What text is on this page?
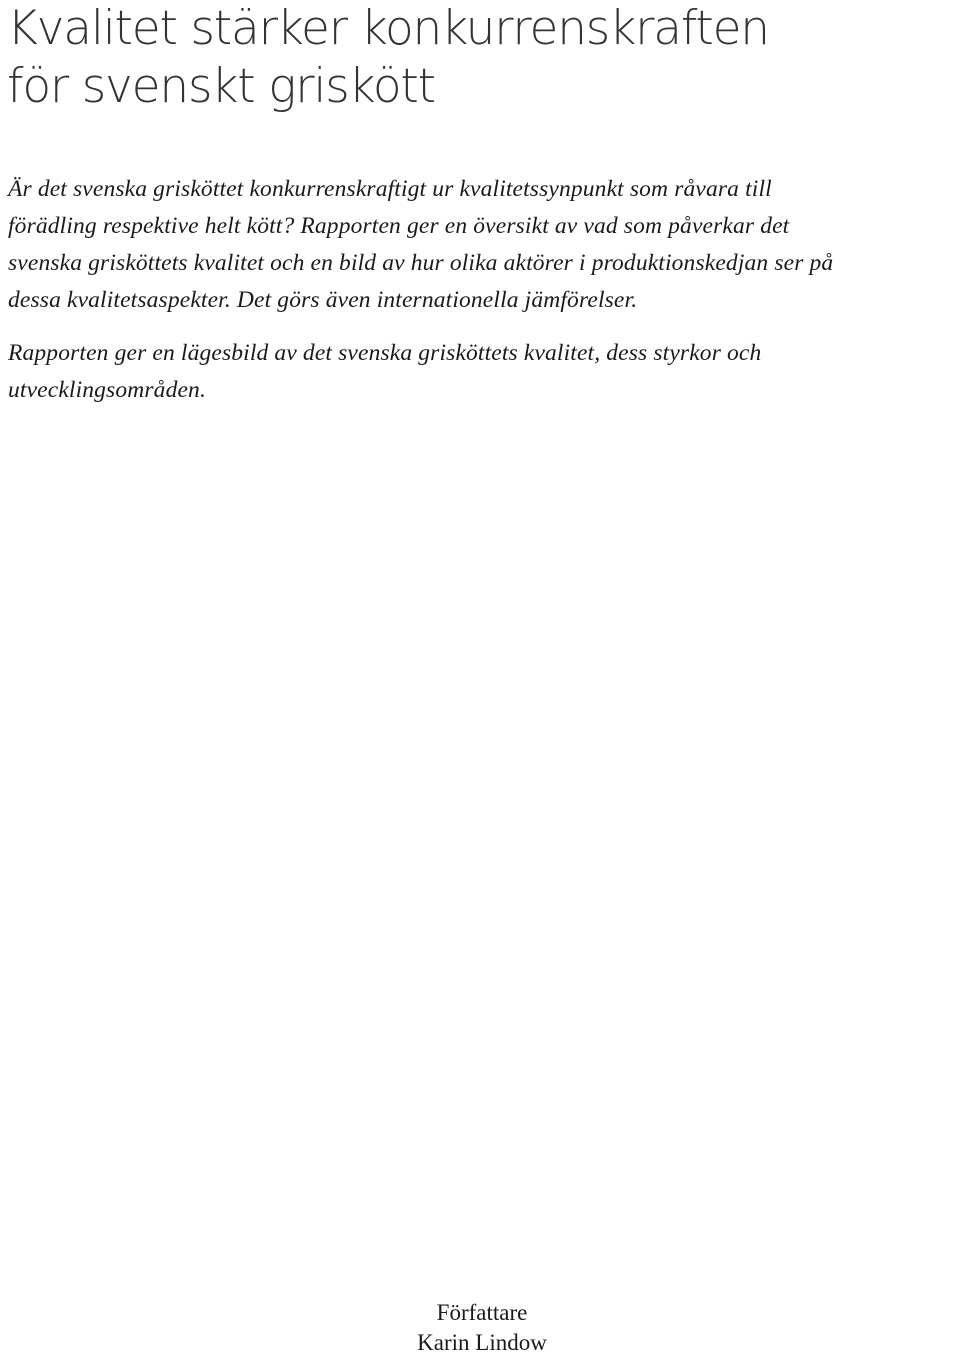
Kvalitet stärker konkurrenskraften
för svenskt griskött

Är det svenska grisköttet konkurrenskraftigt ur kvalitetssynpunkt som råvara till
förädling respektive helt kött? Rapporten ger en översikt av vad som påverkar det
svenska grisköttets kvalitet och en bild av hur olika aktörer i produktionskedjan ser på
dessa kvalitetsaspekter. Det görs även internationella jämförelser.

Rapporten ger en lägesbild av det svenska grisköttets kvalitet, dess styrkor och
utvecklingsområden.

Författare
Karin Lindow
